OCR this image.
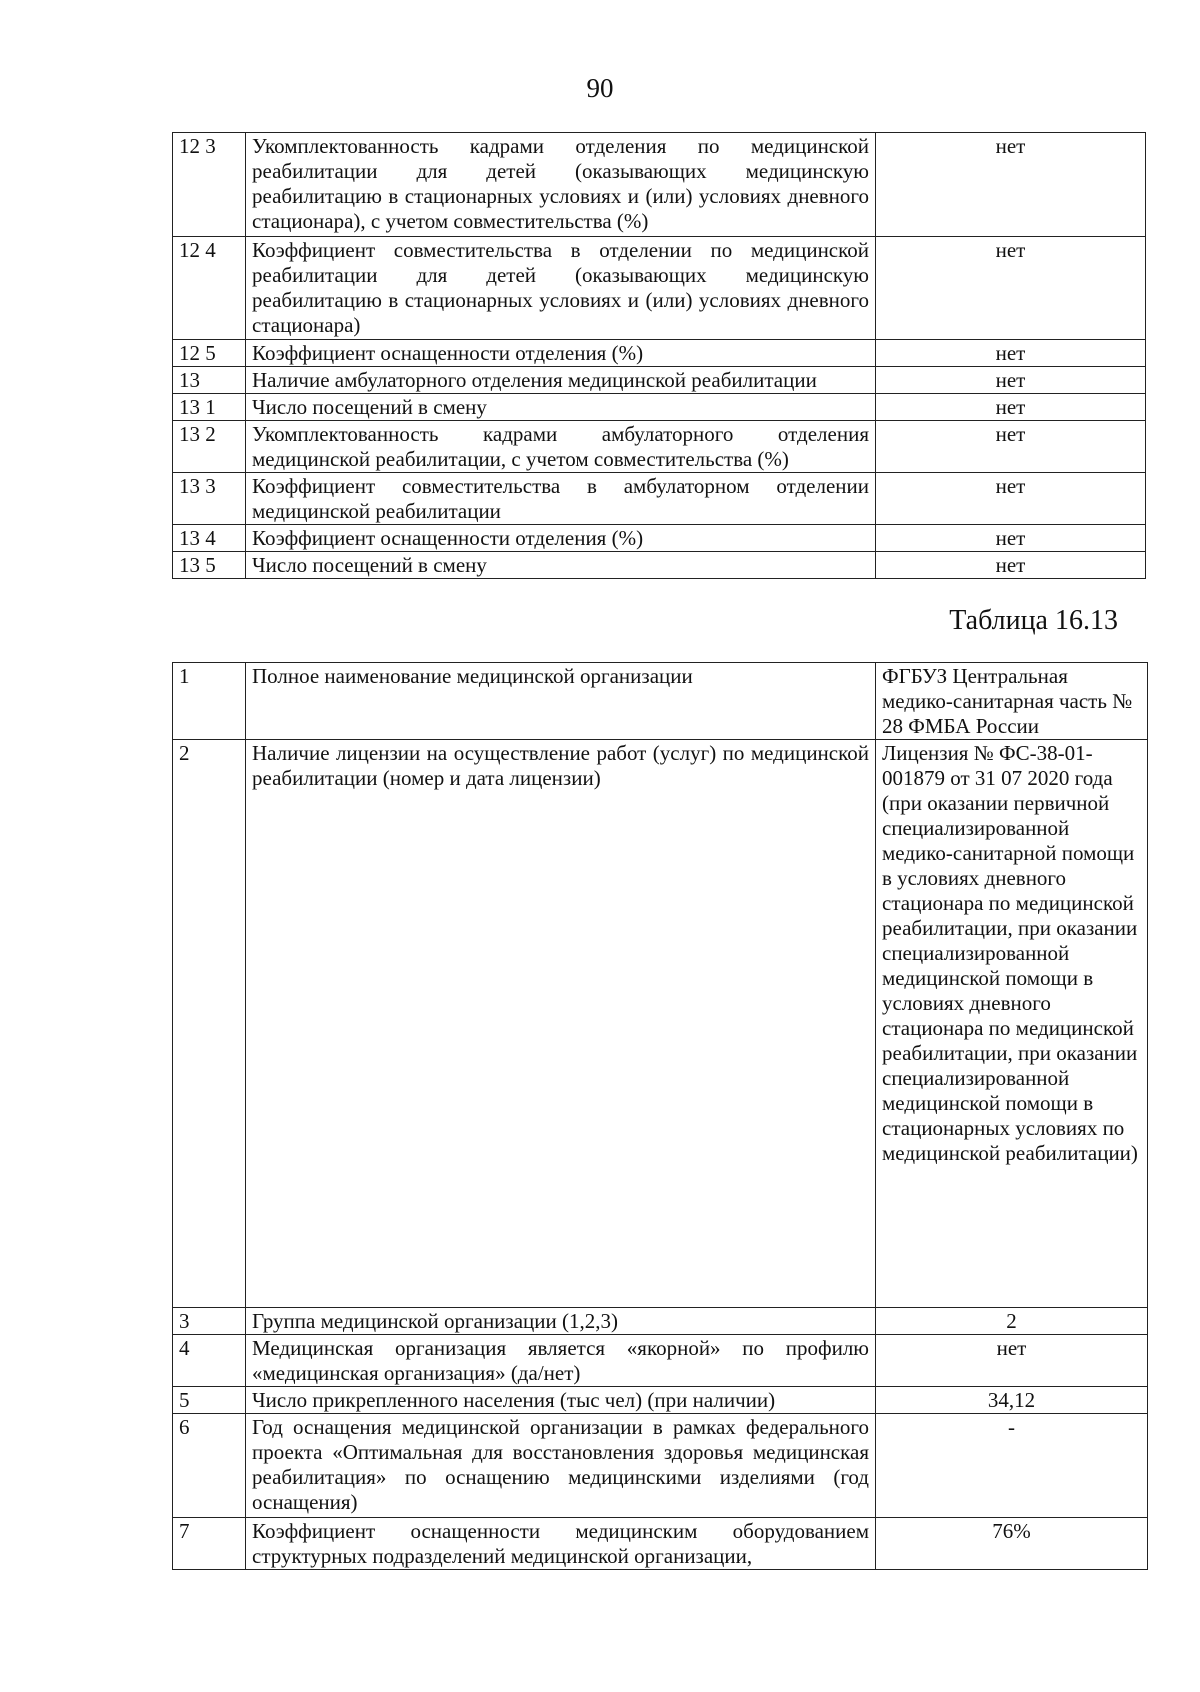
90
12 3	Укомплектованность кадрами отделения по медицинской реабилитации для детей (оказывающих медицинскую реабилитацию в стационарных условиях и (или) условиях дневного стационара), с учетом совместительства (%)	нет
12 4	Коэффициент совместительства в отделении по медицинской реабилитации для детей (оказывающих медицинскую реабилитацию в стационарных условиях и (или) условиях дневного стационара)	нет
12 5	Коэффициент оснащенности отделения (%)	нет
13	Наличие амбулаторного отделения медицинской реабилитации	нет
13 1	Число посещений в смену	нет
13 2	Укомплектованность кадрами амбулаторного отделения медицинской реабилитации, с учетом совместительства (%)	нет
13 3	Коэффициент совместительства в амбулаторном отделении медицинской реабилитации	нет
13 4	Коэффициент оснащенности отделения (%)	нет
13 5	Число посещений в смену	нет
Таблица 16.13
1	Полное наименование медицинской организации	ФГБУЗ Центральная медико-санитарная часть № 28 ФМБА России
2	Наличие лицензии на осуществление работ (услуг) по медицинской реабилитации (номер и дата лицензии)	Лицензия № ФС-38-01-001879 от 31 07 2020 года (при оказании первичной специализированной медико-санитарной помощи в условиях дневного стационара по медицинской реабилитации, при оказании специализированной медицинской помощи в условиях дневного стационара по медицинской реабилитации, при оказании специализированной медицинской помощи в стационарных условиях по медицинской реабилитации)
3	Группа медицинской организации (1,2,3)	2
4	Медицинская организация является «якорной» по профилю «медицинская организация» (да/нет)	нет
5	Число прикрепленного населения (тыс чел) (при наличии)	34,12
6	Год оснащения медицинской организации в рамках федерального проекта «Оптимальная для восстановления здоровья медицинская реабилитация» по оснащению медицинскими изделиями (год оснащения)	-
7	Коэффициент оснащенности медицинским оборудованием структурных подразделений медицинской организации,	76%
